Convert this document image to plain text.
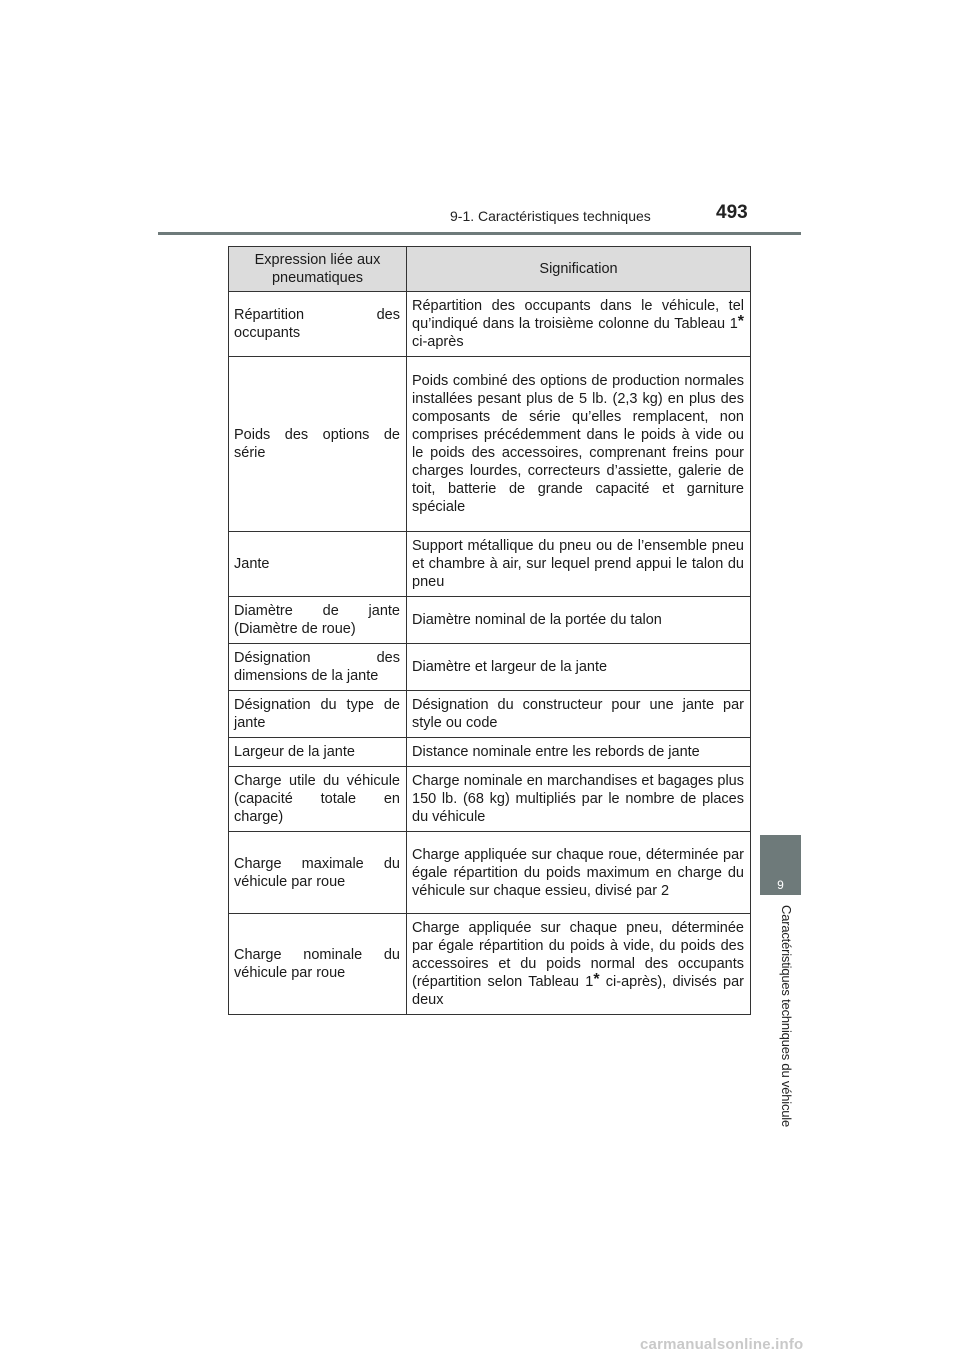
9-1. Caractéristiques techniques	493
9
Caractéristiques techniques du véhicule
Expression liée aux pneumatiques	Signification
Répartition des occupants	Répartition des occupants dans le véhicule, tel qu’indiqué dans la troisième colonne du Tableau 1* ci-après
Poids des options de série	Poids combiné des options de production normales installées pesant plus de 5 lb. (2,3 kg) en plus des composants de série qu’elles remplacent, non comprises précédemment dans le poids à vide ou le poids des accessoires, comprenant freins pour charges lourdes, correcteurs d’assiette, galerie de toit, batterie de grande capacité et garniture spéciale
Jante	Support métallique du pneu ou de l’ensemble pneu et chambre à air, sur lequel prend appui le talon du pneu
Diamètre de jante (Diamètre de roue)	Diamètre nominal de la portée du talon
Désignation des dimensions de la jante	Diamètre et largeur de la jante
Désignation du type de jante	Désignation du constructeur pour une jante par style ou code
Largeur de la jante	Distance nominale entre les rebords de jante
Charge utile du véhicule (capacité totale en charge)	Charge nominale en marchandises et bagages plus 150 lb. (68 kg) multipliés par le nombre de places du véhicule
Charge maximale du véhicule par roue	Charge appliquée sur chaque roue, déterminée par égale répartition du poids maximum en charge du véhicule sur chaque essieu, divisé par 2
Charge nominale du véhicule par roue	Charge appliquée sur chaque pneu, déterminée par égale répartition du poids à vide, du poids des accessoires et du poids normal des occupants (répartition selon Tableau 1* ci-après), divisés par deux
carmanualsonline.info
